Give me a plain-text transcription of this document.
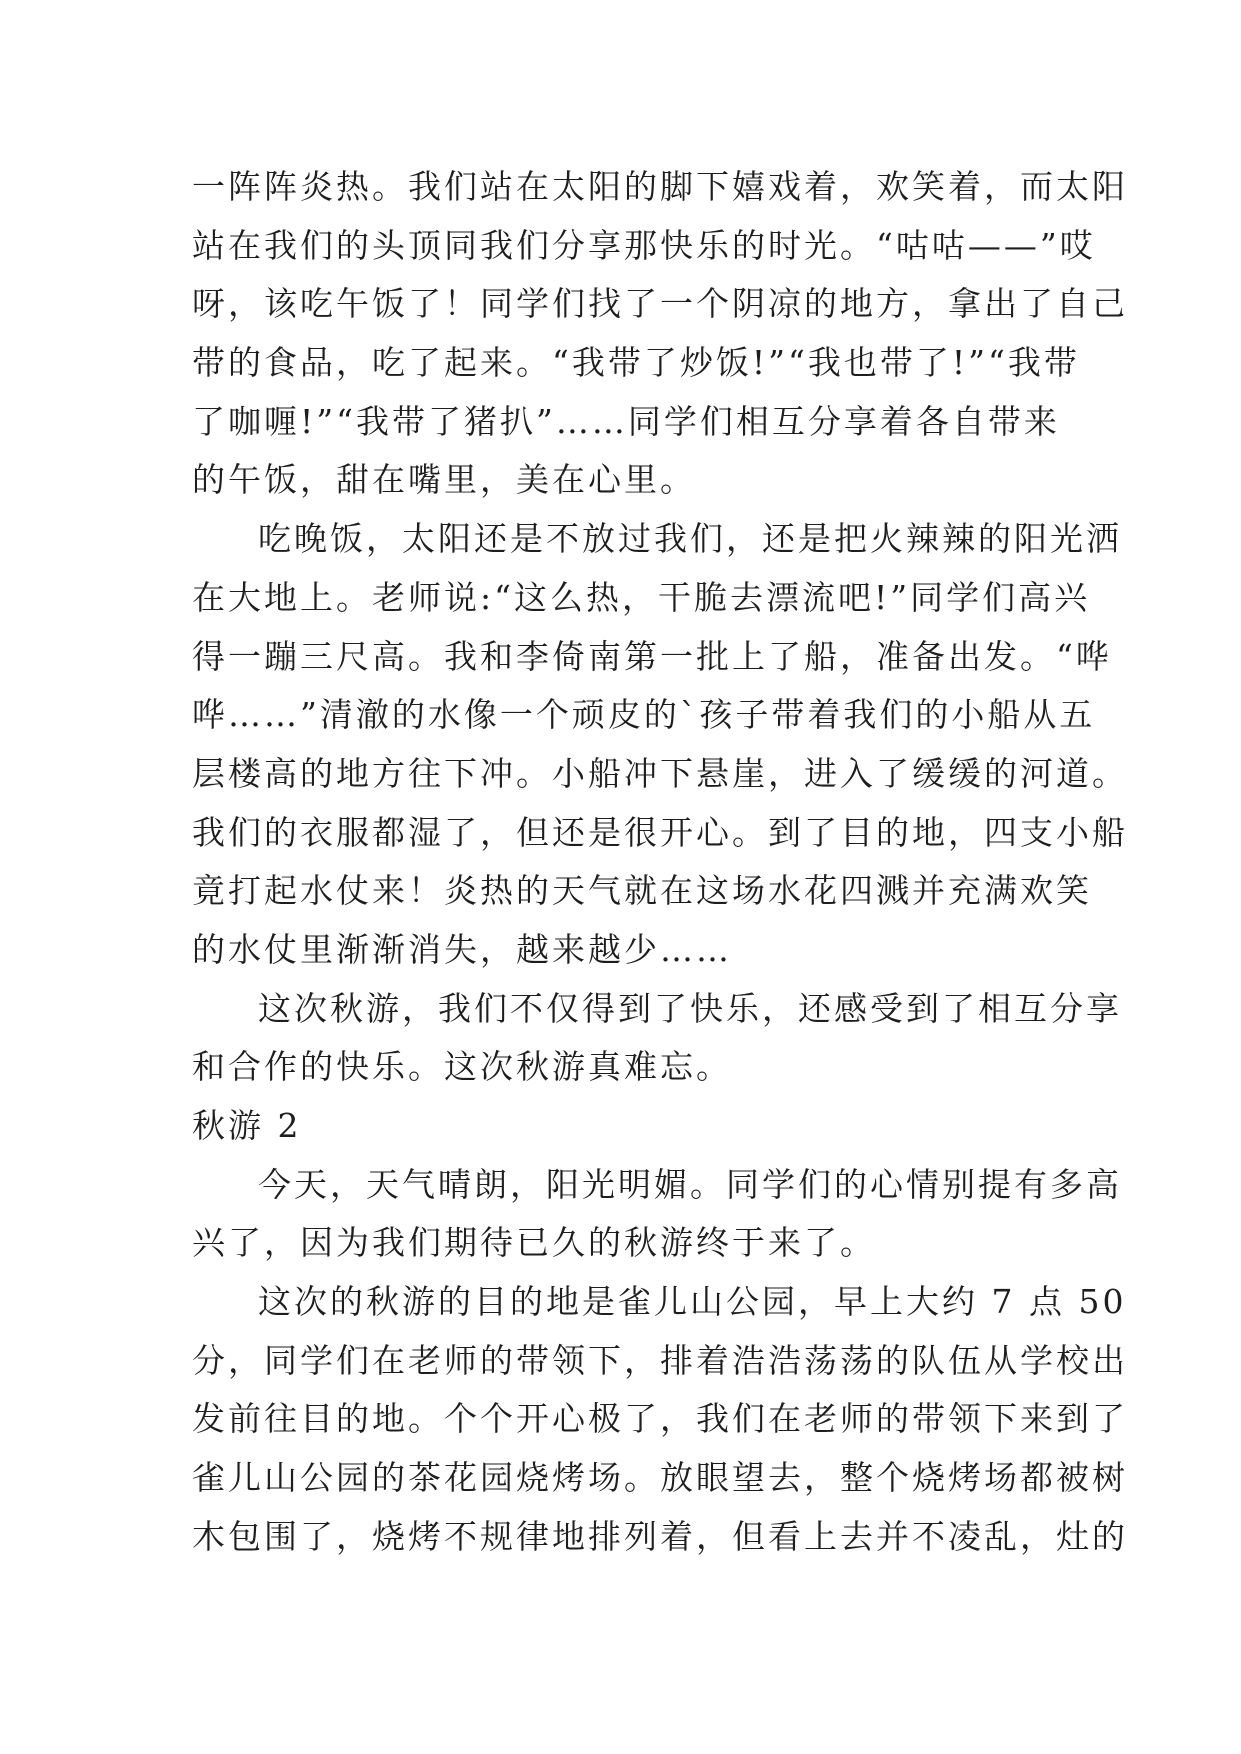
一阵阵炎热。我们站在太阳的脚下嬉戏着，欢笑着，而太阳
站在我们的头顶同我们分享那快乐的时光。“咕咕——”哎
呀，该吃午饭了！同学们找了一个阴凉的地方，拿出了自己
带的食品，吃了起来。“我带了炒饭!”“我也带了!”“我带
了咖喱!”“我带了猪扒”……同学们相互分享着各自带来
的午饭，甜在嘴里，美在心里。
吃晚饭，太阳还是不放过我们，还是把火辣辣的阳光洒
在大地上。老师说:“这么热，干脆去漂流吧!”同学们高兴
得一蹦三尺高。我和李倚南第一批上了船，准备出发。“哗
哗……”清澈的水像一个顽皮的`孩子带着我们的小船从五
层楼高的地方往下冲。小船冲下悬崖，进入了缓缓的河道。
我们的衣服都湿了，但还是很开心。到了目的地，四支小船
竟打起水仗来！炎热的天气就在这场水花四溅并充满欢笑
的水仗里渐渐消失，越来越少……
这次秋游，我们不仅得到了快乐，还感受到了相互分享
和合作的快乐。这次秋游真难忘。
秋游 2
今天，天气晴朗，阳光明媚。同学们的心情别提有多高
兴了，因为我们期待已久的秋游终于来了。
这次的秋游的目的地是雀儿山公园，早上大约 7 点 50
分，同学们在老师的带领下，排着浩浩荡荡的队伍从学校出
发前往目的地。个个开心极了，我们在老师的带领下来到了
雀儿山公园的茶花园烧烤场。放眼望去，整个烧烤场都被树
木包围了，烧烤不规律地排列着，但看上去并不凌乱，灶的
